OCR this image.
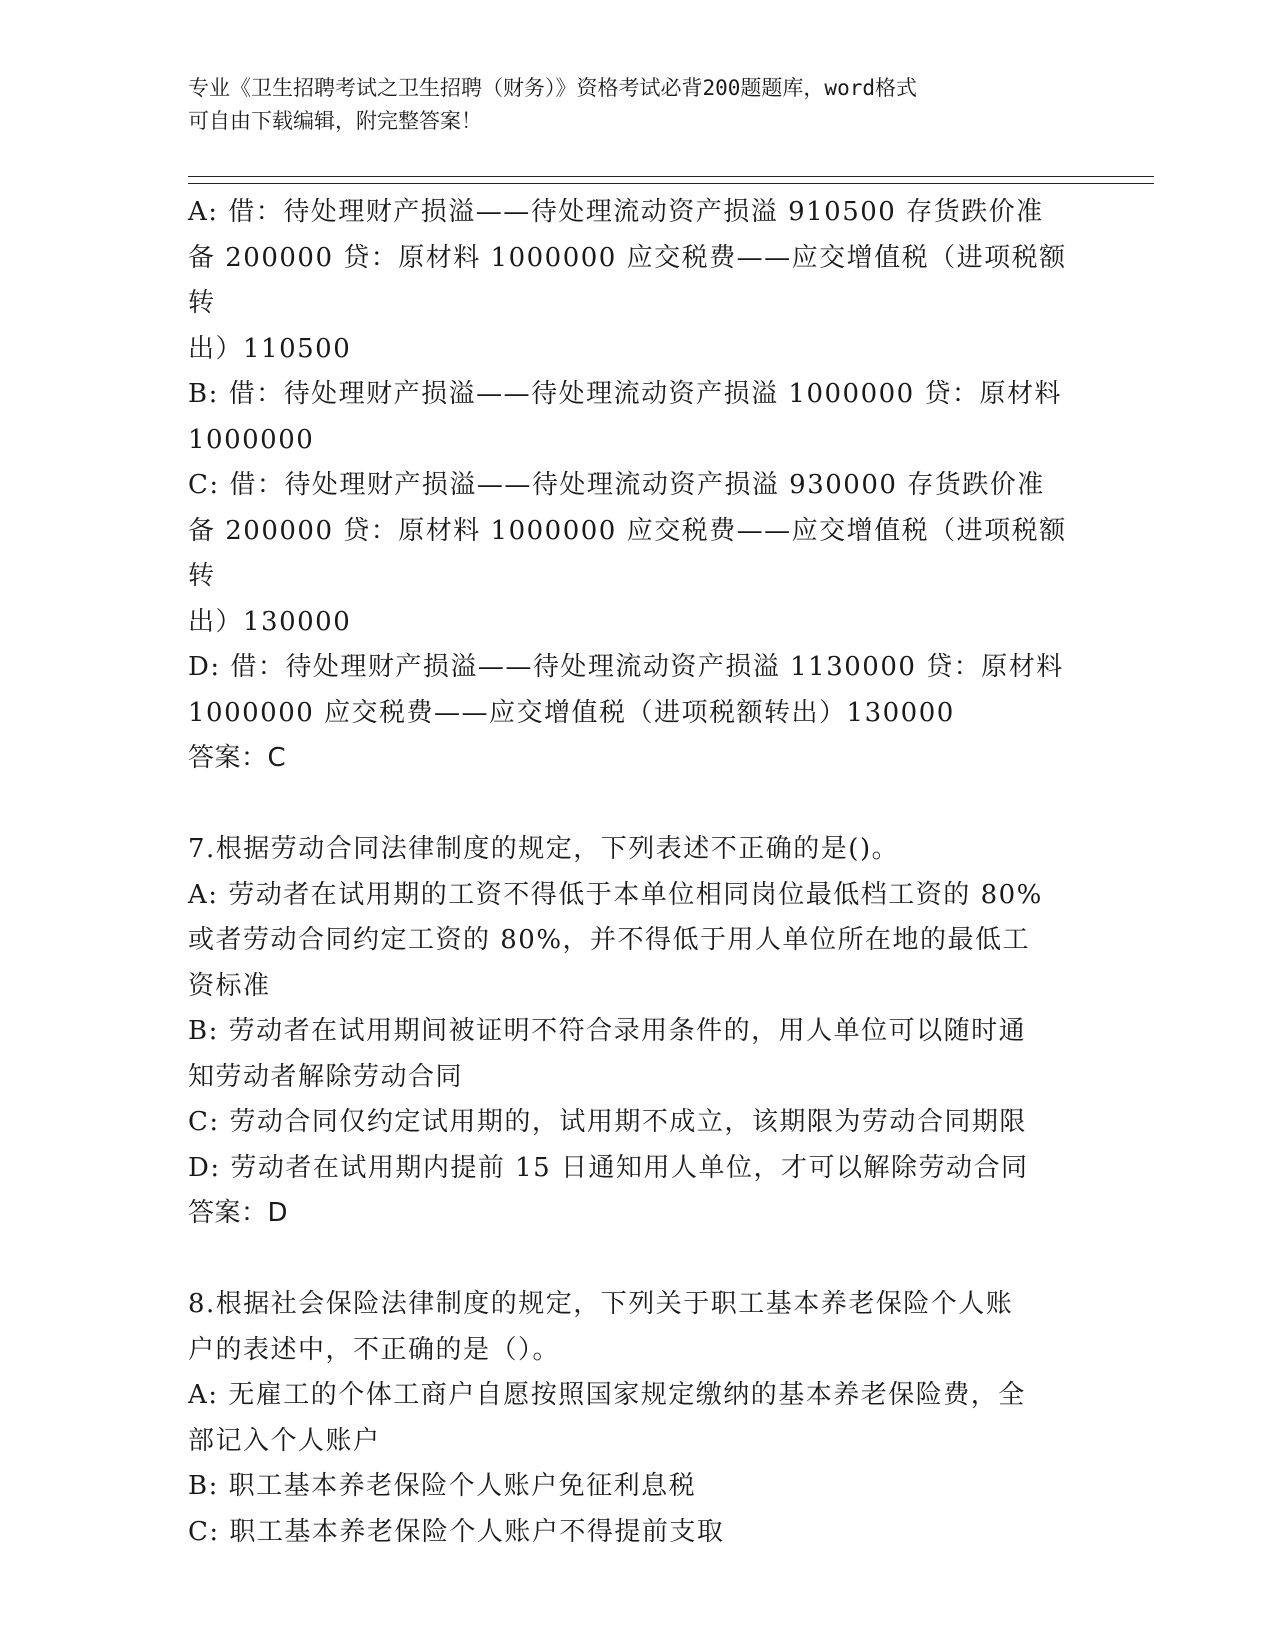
专业《卫生招聘考试之卫生招聘（财务）》资格考试必背200题题库，word格式
可自由下载编辑，附完整答案！
A: 借：待处理财产损溢——待处理流动资产损溢 910500 存货跌价准
备 200000 贷：原材料 1000000 应交税费——应交增值税（进项税额转
出）110500
B: 借：待处理财产损溢——待处理流动资产损溢 1000000 贷：原材料
1000000
C: 借：待处理财产损溢——待处理流动资产损溢 930000 存货跌价准
备 200000 贷：原材料 1000000 应交税费——应交增值税（进项税额转
出）130000
D: 借：待处理财产损溢——待处理流动资产损溢 1130000 贷：原材料
1000000 应交税费——应交增值税（进项税额转出）130000
答案：C
7.根据劳动合同法律制度的规定，下列表述不正确的是()。
A: 劳动者在试用期的工资不得低于本单位相同岗位最低档工资的 80%
或者劳动合同约定工资的 80%，并不得低于用人单位所在地的最低工
资标准
B: 劳动者在试用期间被证明不符合录用条件的，用人单位可以随时通
知劳动者解除劳动合同
C: 劳动合同仅约定试用期的，试用期不成立，该期限为劳动合同期限
D: 劳动者在试用期内提前 15 日通知用人单位，才可以解除劳动合同
答案：D
8.根据社会保险法律制度的规定，下列关于职工基本养老保险个人账
户的表述中，不正确的是（）。
A: 无雇工的个体工商户自愿按照国家规定缴纳的基本养老保险费，全
部记入个人账户
B: 职工基本养老保险个人账户免征利息税
C: 职工基本养老保险个人账户不得提前支取
